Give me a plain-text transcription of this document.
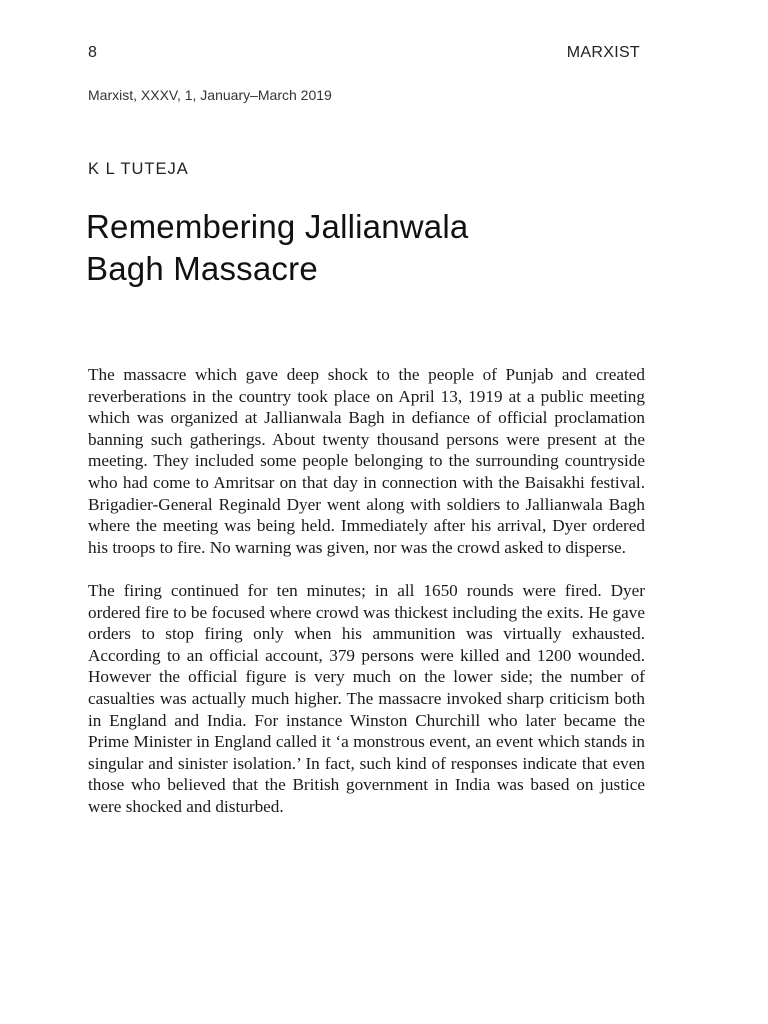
8	MARXIST
Marxist, XXXV, 1, January–March 2019
K L TUTEJA
Remembering Jallianwala
Bagh Massacre

The massacre which gave deep shock to the people of Punjab and created reverberations in the country took place on April 13, 1919 at a public meeting which was organized at Jallianwala Bagh in defiance of official proclamation banning such gatherings. About twenty thousand persons were present at the meeting. They included some people belonging to the surrounding countryside who had come to Amritsar on that day in connection with the Baisakhi festival. Brigadier-General Reginald Dyer went along with soldiers to Jallianwala Bagh where the meeting was being held. Immediately after his arrival, Dyer ordered his troops to fire. No warning was given, nor was the crowd asked to disperse.

The firing continued for ten minutes; in all 1650 rounds were fired. Dyer ordered fire to be focused where crowd was thickest including the exits. He gave orders to stop firing only when his ammunition was virtually exhausted. According to an official account, 379 persons were killed and 1200 wounded. However the official figure is very much on the lower side; the number of casualties was actually much higher. The massacre invoked sharp criticism both in England and India. For instance Winston Churchill who later became the Prime Minister in England called it ‘a monstrous event, an event which stands in singular and sinister isolation.’ In fact, such kind of responses indicate that even those who believed that the British government in India was based on justice were shocked and disturbed.
